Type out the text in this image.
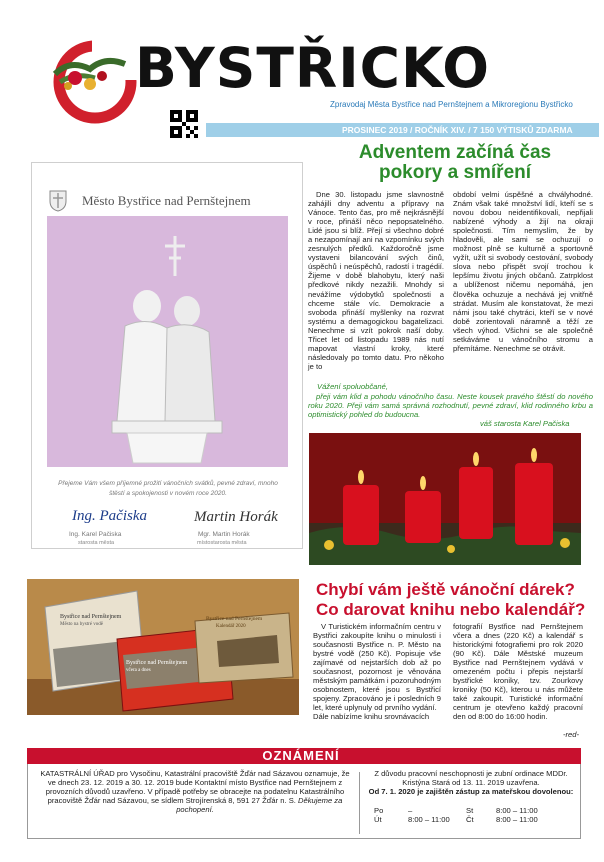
BYSTŘICKO
Zpravodaj Města Bystřice nad Pernštejnem a Mikroregionu Bystřicko
PROSINEC 2019 / ROČNÍK XIV. / 7 150 VÝTISKŮ ZDARMA
Město Bystřice nad Pernštejnem
Přejeme Vám všem příjemné prožití vánočních svátků, pevné zdraví, mnoho štěstí a spokojenosti v novém roce 2020.
Ing. Pačiska
Ing. Karel Pačiska
starosta města
Martin Horák
Mgr. Martin Horák
místostarosta města
Adventem začíná čas
pokory a smíření
Dne 30. listopadu jsme slavnostně zahájili dny adventu a přípravy na Vánoce. Tento čas, pro mě nejkrásnější v roce, přináší něco nepopsatelného. Lidé jsou si blíž. Přejí si všechno dobré a nezapomínají ani na vzpomínku svých zesnulých předků. Každoročně jsme vystaveni bilancování svých činů, úspěchů i neúspěchů, radostí i tragédií. Žijeme v době blahobytu, který naši předkové nikdy nezažili. Mnohdy si nevážíme výdobytků společnosti a chceme stále víc. Demokracie a svoboda přináší myšlenky na rozvrat systému a demagogickou bagatelizaci. Nenechme si vzít pokrok naší doby. Třicet let od listopadu 1989 nás nutí mapovat vlastní kroky, které následovaly po tomto datu. Pro někoho je to
období velmi úspěšné a chvályhodné. Znám však také množství lidí, kteří se s novou dobou neidentifikovali, nepřijali nabízené výhody a žijí na okraji společnosti. Tím nemyslím, že by hladověli, ale sami se ochuzují o možnost plně se kulturně a sportovně vyžít, užít si svobody cestování, svobody slova nebo přispět svojí trochou k lepšímu životu jiných občanů. Zatrpklost a ublíženost ničemu nepomáhá, jen člověka ochuzuje a nechává jej vnitřně strádat. Musím ale konstatovat, že mezi námi jsou také chytráci, kteří se v nové době zorientovali náramně a těží ze všech výhod. Všichni se ale společně setkáváme u vánočního stromu a přemítáme. Nenechme se otrávit.
Vážení spoluobčané,
přeji vám klid a pohodu vánočního času. Neste kousek pravého štěstí do nového roku 2020. Přeji vám samá správná rozhodnutí, pevné zdraví, klid rodinného krbu a optimistický pohled do budoucna.
váš starosta Karel Pačiska
Bystřice nad Pernštejnem
Město na bystré vodě
Bystřice nad Pernštejnem
včera a dnes
Bystřice nad Pernštejnem
Kalendář 2020
Chybí vám ještě vánoční dárek?
Co darovat knihu nebo kalendář?
V Turistickém informačním centru v Bystřici zakoupíte knihu o minulosti i současnosti Bystřice n. P. Město na bystré vodě (250 Kč). Popisuje vše zajímavé od nejstarších dob až po současnost, pozornost je věnována městským památkám i pozoruhodným osobnostem, které jsou s Bystřicí spojeny. Zpracováno je i posledních 9 let, které uplynuly od prvního vydání.
Dále nabízíme knihu srovnávacích
fotografií Bystřice nad Pernštejnem včera a dnes (220 Kč) a kalendář s historickými fotografiemi pro rok 2020 (90 Kč). Dále Městské muzeum Bystřice nad Pernštejnem vydává v omezeném počtu i přepis nejstarší bystřické kroniky, tzv. Zourkovy kroniky (50 Kč), kterou u nás můžete také zakoupit. Turistické informační centrum je otevřeno každý pracovní den od 8:00 do 16:00 hodin.
-red-
OZNÁMENÍ
KATASTRÁLNÍ ÚŘAD pro Vysočinu, Katastrální pracoviště Žďár nad Sázavou oznamuje, že ve dnech 23. 12. 2019 a 30. 12. 2019 bude Kontaktní místo Bystřice nad Pernštejnem z provozních důvodů uzavřeno. V případě potřeby se obracejte na podatelnu Katastrálního pracoviště Žďár nad Sázavou, se sídlem Strojírenská 8, 591 27 Žďár n. S. Děkujeme za pochopení.
Z důvodu pracovní neschopnosti je zubní ordinace MDDr. Kristýna Stará od 13. 11. 2019 uzavřena.
Od 7. 1. 2020 je zajištěn zástup za mateřskou dovolenou:
Po	–	St	8:00 – 11:00
Út	8:00 – 11:00	Čt	8:00 – 11:00
